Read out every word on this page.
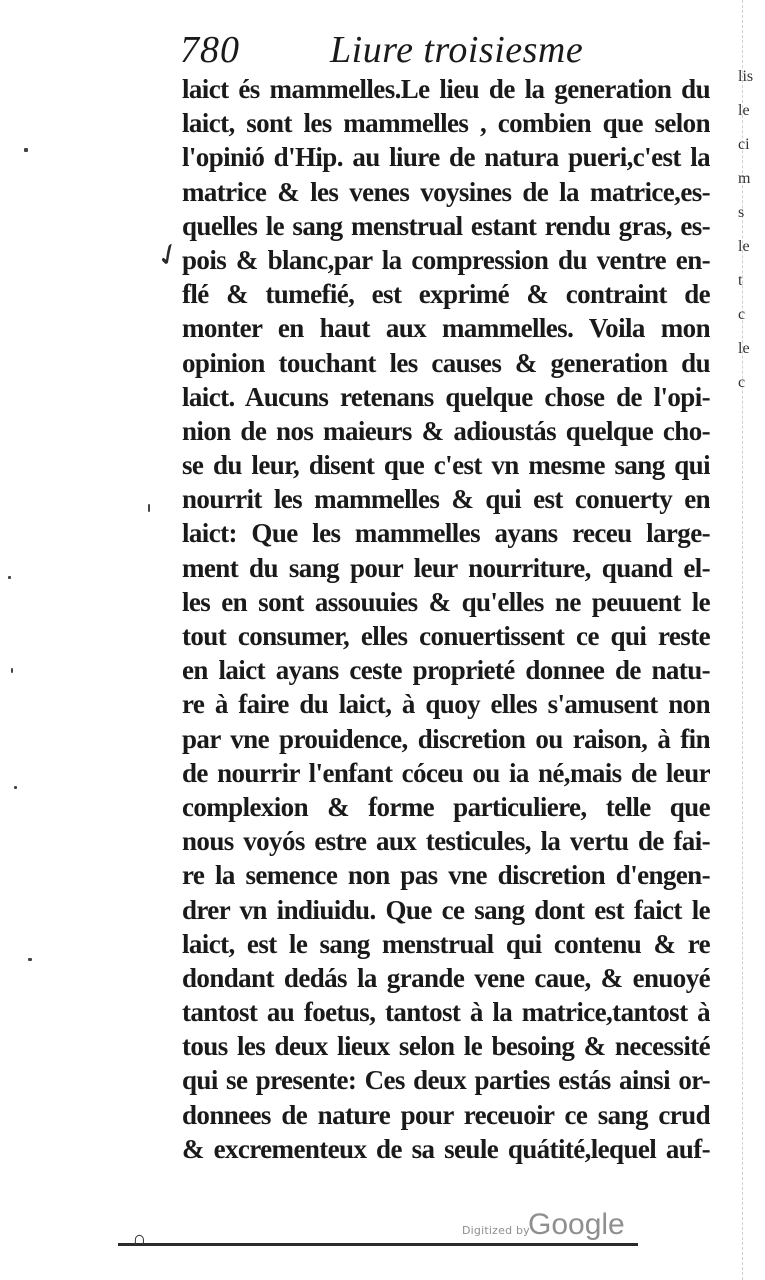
780 Liure troisiesme
✓
laict és mammelles.Le lieu de la generation du
laict, sont les mammelles , combien que selon
l'opinió d'Hip. au liure de natura pueri,c'est la
matrice & les venes voysines de la matrice,es-
quelles le sang menstrual estant rendu gras, es-
pois & blanc,par la compression du ventre en-
flé & tumefié, est exprimé & contraint de
monter en haut aux mammelles. Voila mon
opinion touchant les causes & generation du
laict. Aucuns retenans quelque chose de l'opi-
nion de nos maieurs & adioustás quelque cho-
se du leur, disent que c'est vn mesme sang qui
nourrit les mammelles & qui est conuerty en
laict: Que les mammelles ayans receu large-
ment du sang pour leur nourriture, quand el-
les en sont assouuies & qu'elles ne peuuent le
tout consumer, elles conuertissent ce qui reste
en laict ayans ceste proprieté donnee de natu-
re à faire du laict, à quoy elles s'amusent non
par vne prouidence, discretion ou raison, à fin
de nourrir l'enfant cóceu ou ia né,mais de leur
complexion & forme particuliere, telle que
nous voyós estre aux testicules, la vertu de fai-
re la semence non pas vne discretion d'engen-
drer vn indiuidu. Que ce sang dont est faict le
laict, est le sang menstrual qui contenu & re
dondant dedás la grande vene caue, & enuoyé
tantost au foetus, tantost à la matrice,tantost à
tous les deux lieux selon le besoing & necessité
qui se presente: Ces deux parties estás ainsi or-
donnees de nature pour receuoir ce sang crud
& excrementeux de sa seule quátité,lequel auf-
lis
le
ci
m
s
le
t
c
le
c
∩	Digitized by
Google
